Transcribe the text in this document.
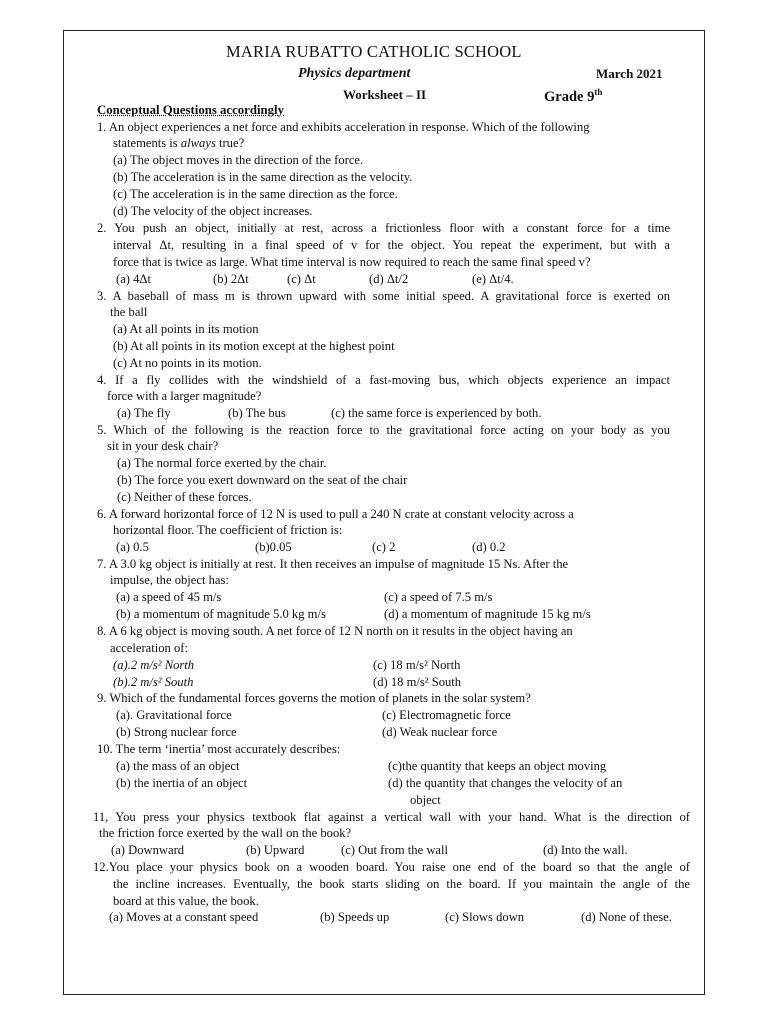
MARIA RUBATTO CATHOLIC SCHOOL
Physics department	March 2021
Worksheet – II	Grade 9th
Conceptual Questions accordingly
1. An object experiences a net force and exhibits acceleration in response. Which of the following
statements is always true?
(a) The object moves in the direction of the force.
(b) The acceleration is in the same direction as the velocity.
(c) The acceleration is in the same direction as the force.
(d) The velocity of the object increases.
2. You push an object, initially at rest, across a frictionless floor with a constant force for a time
interval Δt, resulting in a final speed of v for the object. You repeat the experiment, but with a
force that is twice as large. What time interval is now required to reach the same final speed v?
(a) 4Δt	(b) 2Δt	(c) Δt	(d) Δt/2	(e) Δt/4.
3. A baseball of mass m is thrown upward with some initial speed. A gravitational force is exerted on
the ball
(a) At all points in its motion
(b) At all points in its motion except at the highest point
(c) At no points in its motion.
4. If a fly collides with the windshield of a fast-moving bus, which objects experience an impact
force with a larger magnitude?
(a) The fly	(b) The bus	(c) the same force is experienced by both.
5. Which of the following is the reaction force to the gravitational force acting on your body as you
sit in your desk chair?
(a) The normal force exerted by the chair.
(b) The force you exert downward on the seat of the chair
(c) Neither of these forces.
6. A forward horizontal force of 12 N is used to pull a 240 N crate at constant velocity across a
horizontal floor. The coefficient of friction is:
(a) 0.5	(b)0.05	(c) 2	(d) 0.2
7. A 3.0 kg object is initially at rest. It then receives an impulse of magnitude 15 Ns. After the
impulse, the object has:
(a) a speed of 45 m/s	(c) a speed of 7.5 m/s
(b) a momentum of magnitude 5.0 kg m/s	(d) a momentum of magnitude 15 kg m/s
8. A 6 kg object is moving south. A net force of 12 N north on it results in the object having an
acceleration of:
(a).2 m/s² North	(c) 18 m/s² North
(b).2 m/s² South	(d) 18 m/s² South
9. Which of the fundamental forces governs the motion of planets in the solar system?
(a). Gravitational force	(c) Electromagnetic force
(b) Strong nuclear force	(d) Weak nuclear force
10. The term ‘inertia’ most accurately describes:
(a) the mass of an object	(c)the quantity that keeps an object moving
(b) the inertia of an object	(d) the quantity that changes the velocity of an
object
11, You press your physics textbook flat against a vertical wall with your hand. What is the direction of
the friction force exerted by the wall on the book?
(a) Downward	(b) Upward	(c) Out from the wall	(d) Into the wall.
12.You place your physics book on a wooden board. You raise one end of the board so that the angle of
the incline increases. Eventually, the book starts sliding on the board. If you maintain the angle of the
board at this value, the book.
(a) Moves at a constant speed	(b) Speeds up	(c) Slows down	(d) None of these.
